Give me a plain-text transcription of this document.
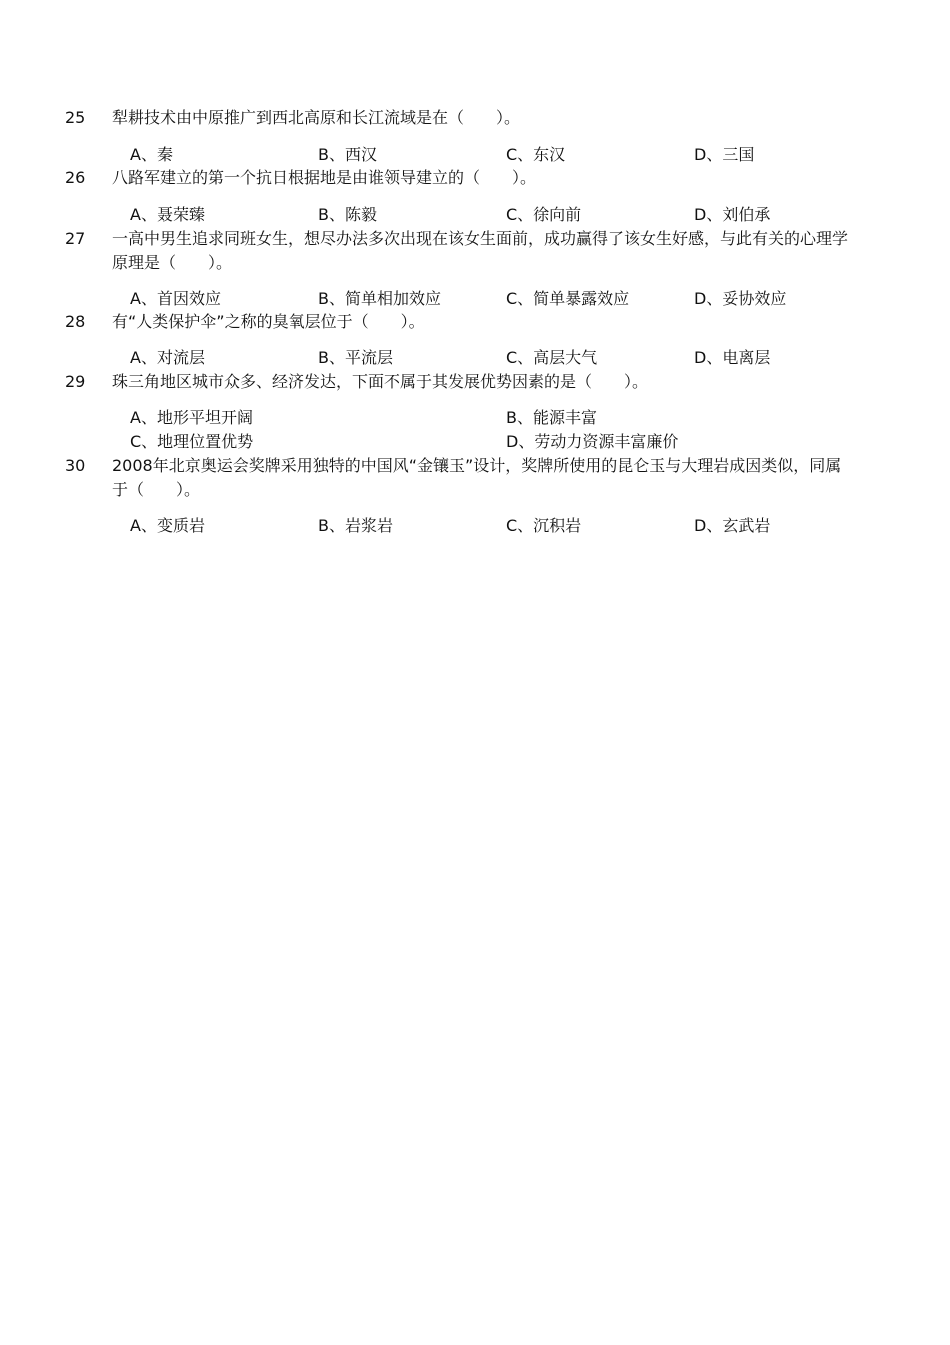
25 犁耕技术由中原推广到西北高原和长江流域是在（　　）。
A、秦	B、西汉	C、东汉	D、三国
26 八路军建立的第一个抗日根据地是由谁领导建立的（　　）。
A、聂荣臻	B、陈毅	C、徐向前	D、刘伯承
27 一高中男生追求同班女生，想尽办法多次出现在该女生面前，成功赢得了该女生好感，与此有关的心理学原理是（　　）。
A、首因效应	B、简单相加效应	C、简单暴露效应	D、妥协效应
28 有“人类保护伞”之称的臭氧层位于（　　）。
A、对流层	B、平流层	C、高层大气	D、电离层
29 珠三角地区城市众多、经济发达，下面不属于其发展优势因素的是（　　）。
A、地形平坦开阔	B、能源丰富
C、地理位置优势	D、劳动力资源丰富廉价
30 2008年北京奥运会奖牌采用独特的中国风“金镶玉”设计，奖牌所使用的昆仑玉与大理岩成因类似，同属于（　　）。
A、变质岩	B、岩浆岩	C、沉积岩	D、玄武岩
